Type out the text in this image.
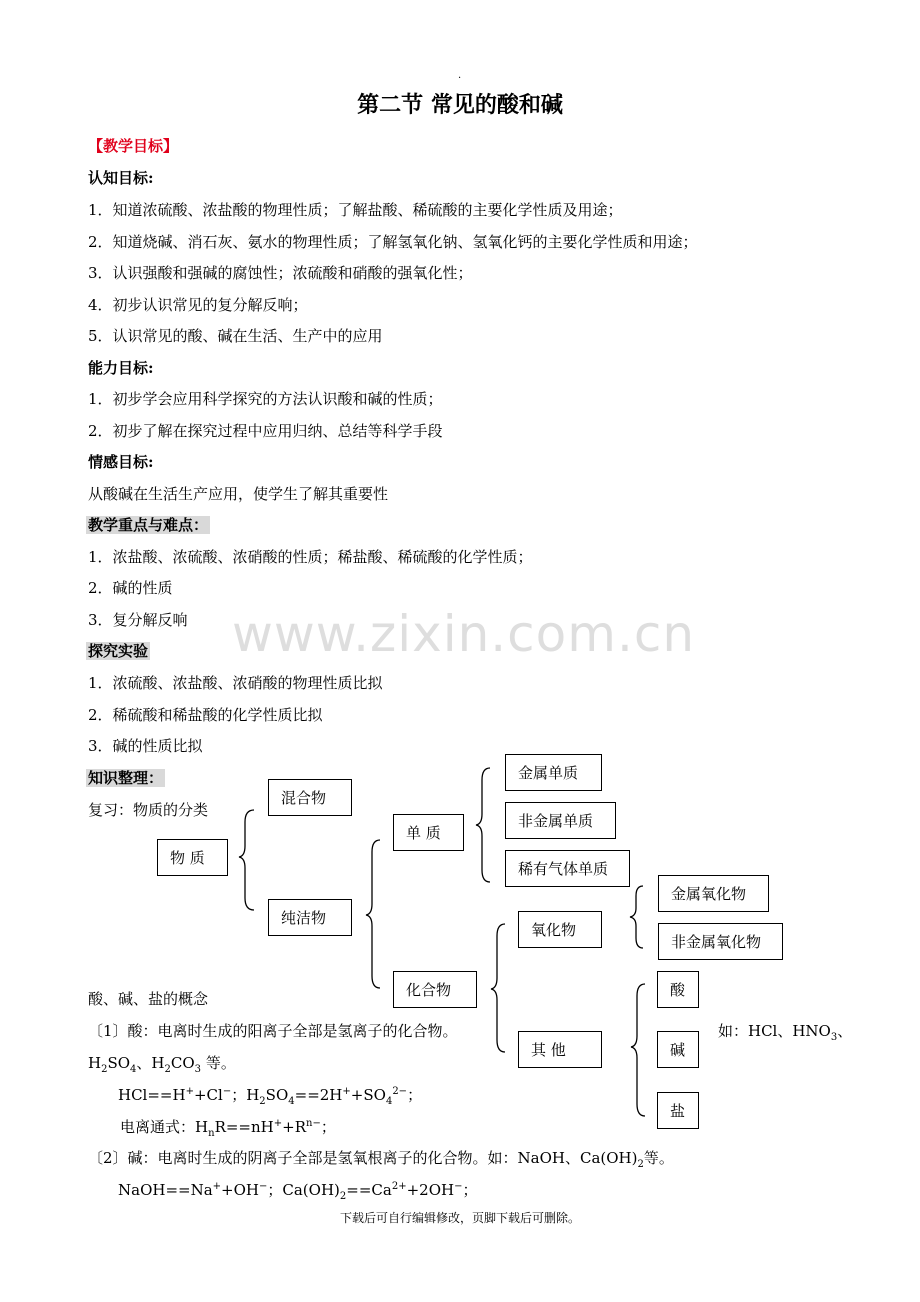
.
第二节 常见的酸和碱
【教学目标】
认知目标:
1．知道浓硫酸、浓盐酸的物理性质；了解盐酸、稀硫酸的主要化学性质及用途；
2．知道烧碱、消石灰、氨水的物理性质；了解氢氧化钠、氢氧化钙的主要化学性质和用途；
3．认识强酸和强碱的腐蚀性；浓硫酸和硝酸的强氧化性；
4．初步认识常见的复分解反响；
5．认识常见的酸、碱在生活、生产中的应用
能力目标:
1．初步学会应用科学探究的方法认识酸和碱的性质；
2．初步了解在探究过程中应用归纳、总结等科学手段
情感目标:
从酸碱在生活生产应用，使学生了解其重要性
教学重点与难点：
1．浓盐酸、浓硫酸、浓硝酸的性质；稀盐酸、稀硫酸的化学性质；
2．碱的性质
3．复分解反响 www.zixin.com.cn
探究实验
1．浓硫酸、浓盐酸、浓硝酸的物理性质比拟
2．稀硫酸和稀盐酸的化学性质比拟
3．碱的性质比拟
知识整理：
复习：物质的分类
物 质
混合物
纯洁物
单 质
化合物
金属单质
非金属单质
稀有气体单质
氧化物
其 他
金属氧化物
非金属氧化物
酸
碱
盐
酸、碱、盐的概念
〔1〕酸：电离时生成的阳离子全部是氢离子的化合物。	如：HCl、$HNO_3$、
$H_2SO_4$、$H_2CO_3$ 等。
HCl==H++Cl−；$H_2SO_4==2H^++SO_4^{2-}$；
电离通式：$H_nR==nH^++R^{n-}$；
〔2〕碱：电离时生成的阴离子全部是氢氧根离子的化合物。如：NaOH、$Ca(OH)_2$等。
NaOH==Na++OH−；$Ca(OH)_2==Ca^{2+}+2OH^-$；
下载后可自行编辑修改，页脚下载后可删除。
